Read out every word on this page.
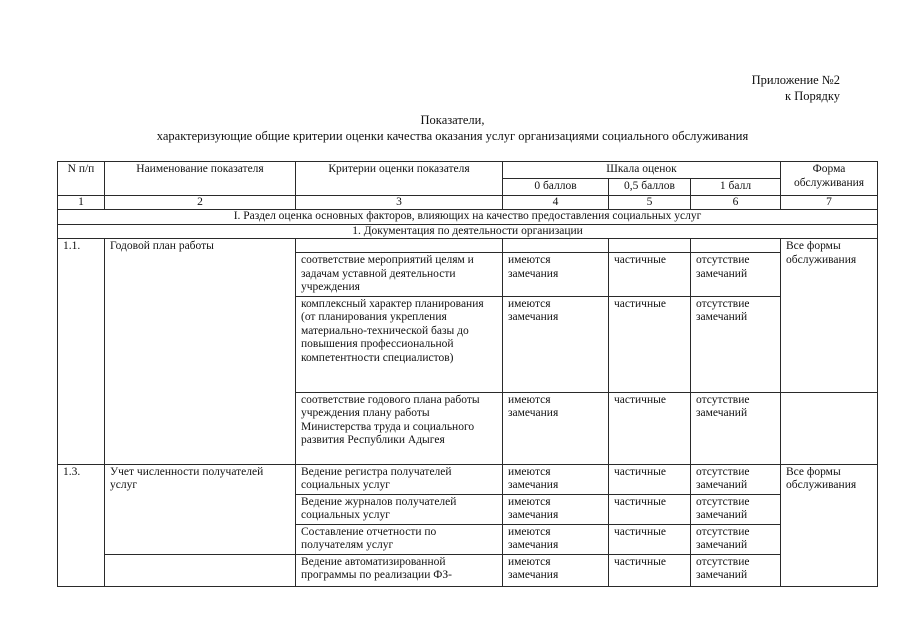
Приложение №2
к Порядку
Показатели,
характеризующие общие критерии оценки качества оказания услуг организациями социального обслуживания
N п/п	Наименование показателя	Критерии оценки показателя	Шкала оценок			Форма
обслуживания

			0 баллов	0,5 баллов	1 балл	
1	2	3	4	5	6	7
I. Раздел оценка основных факторов, влияющих на качество предоставления социальных услуг						
1. Документация по деятельности организации						
1.1.	Годовой план работы					Все формы обслуживания
		соответствие мероприятий целям и задачам уставной деятельности учреждения	имеются замечания	частичные	отсутствие замечаний	
		комплексный характер планирования (от планирования укрепления материально-технической базы до повышения профессиональной компетентности специалистов)	имеются замечания	частичные	отсутствие замечаний	
		соответствие годового плана работы учреждения плану работы Министерства труда и социального развития Республики Адыгея	имеются замечания	частичные	отсутствие замечаний	
1.3.	Учет численности получателей услуг	Ведение регистра получателей социальных услуг	имеются замечания	частичные	отсутствие замечаний	Все формы обслуживания
		Ведение журналов получателей социальных услуг	имеются замечания	частичные	отсутствие замечаний	
		Составление отчетности по получателям услуг	имеются замечания	частичные	отсутствие замечаний	
		Ведение автоматизированной программы по реализации ФЗ-	имеются замечания	частичные	отсутствие замечаний	
